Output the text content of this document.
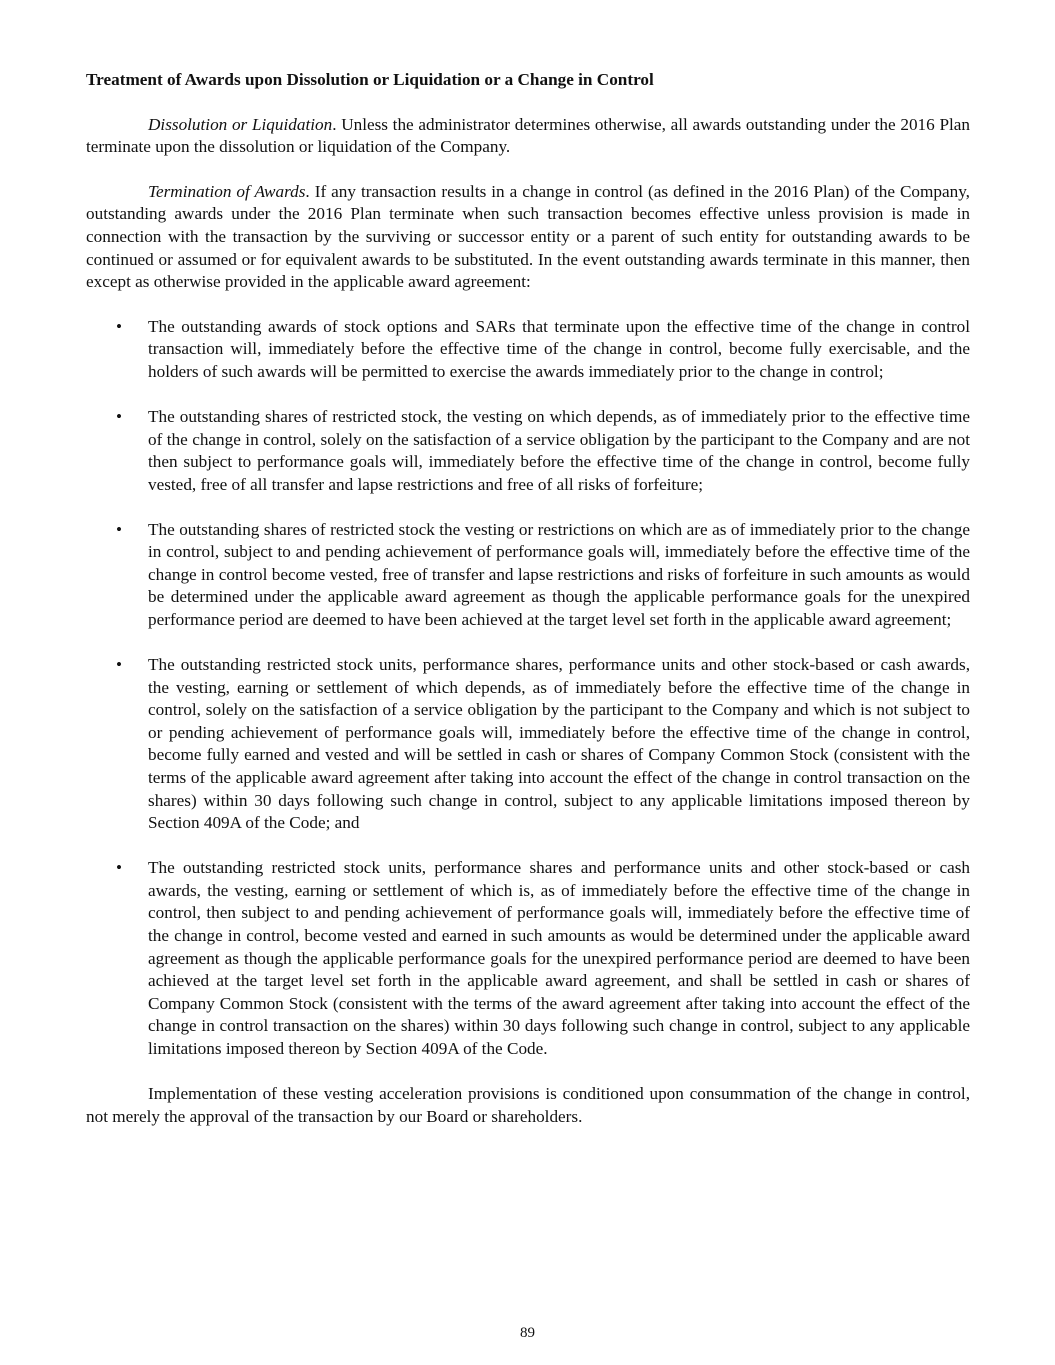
Treatment of Awards upon Dissolution or Liquidation or a Change in Control

Dissolution or Liquidation. Unless the administrator determines otherwise, all awards outstanding under the 2016 Plan terminate upon the dissolution or liquidation of the Company.

Termination of Awards. If any transaction results in a change in control (as defined in the 2016 Plan) of the Company, outstanding awards under the 2016 Plan terminate when such transaction becomes effective unless provision is made in connection with the transaction by the surviving or successor entity or a parent of such entity for outstanding awards to be continued or assumed or for equivalent awards to be substituted. In the event outstanding awards terminate in this manner, then except as otherwise provided in the applicable award agreement:

• The outstanding awards of stock options and SARs that terminate upon the effective time of the change in control transaction will, immediately before the effective time of the change in control, become fully exercisable, and the holders of such awards will be permitted to exercise the awards immediately prior to the change in control;
• The outstanding shares of restricted stock, the vesting on which depends, as of immediately prior to the effective time of the change in control, solely on the satisfaction of a service obligation by the participant to the Company and are not then subject to performance goals will, immediately before the effective time of the change in control, become fully vested, free of all transfer and lapse restrictions and free of all risks of forfeiture;
• The outstanding shares of restricted stock the vesting or restrictions on which are as of immediately prior to the change in control, subject to and pending achievement of performance goals will, immediately before the effective time of the change in control become vested, free of transfer and lapse restrictions and risks of forfeiture in such amounts as would be determined under the applicable award agreement as though the applicable performance goals for the unexpired performance period are deemed to have been achieved at the target level set forth in the applicable award agreement;
• The outstanding restricted stock units, performance shares, performance units and other stock-based or cash awards, the vesting, earning or settlement of which depends, as of immediately before the effective time of the change in control, solely on the satisfaction of a service obligation by the participant to the Company and which is not subject to or pending achievement of performance goals will, immediately before the effective time of the change in control, become fully earned and vested and will be settled in cash or shares of Company Common Stock (consistent with the terms of the applicable award agreement after taking into account the effect of the change in control transaction on the shares) within 30 days following such change in control, subject to any applicable limitations imposed thereon by Section 409A of the Code; and
• The outstanding restricted stock units, performance shares and performance units and other stock-based or cash awards, the vesting, earning or settlement of which is, as of immediately before the effective time of the change in control, then subject to and pending achievement of performance goals will, immediately before the effective time of the change in control, become vested and earned in such amounts as would be determined under the applicable award agreement as though the applicable performance goals for the unexpired performance period are deemed to have been achieved at the target level set forth in the applicable award agreement, and shall be settled in cash or shares of Company Common Stock (consistent with the terms of the award agreement after taking into account the effect of the change in control transaction on the shares) within 30 days following such change in control, subject to any applicable limitations imposed thereon by Section 409A of the Code.

Implementation of these vesting acceleration provisions is conditioned upon consummation of the change in control, not merely the approval of the transaction by our Board or shareholders.

89
